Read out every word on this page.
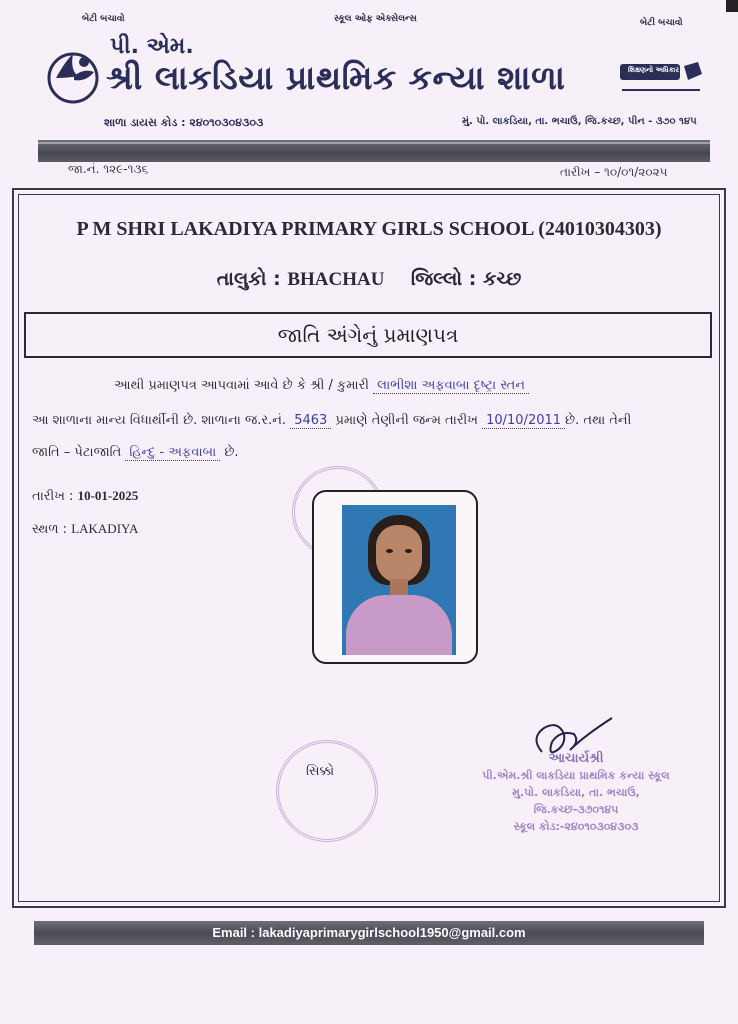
બેટી બચાવો	સ્કૂલ ઓફ એક્સેલન્સ	બેટી બચાવો
પી. એમ.
શ્રી લાકડિયા પ્રાથમિક કન્યા શાળા	શિક્ષણનો અધિકાર
શાળા ડાયસ કોડ : ૨૪૦૧૦૩૦૪૩૦૩	મું. પો. લાકડિયા, તા. ભચાઉ, જિ.કચ્છ, પીન - ૩૭૦ ૧૪૫
જા.નં. ૧૨૯-૧૩૬	તારીખ – ૧૦/૦૧/૨૦૨૫
P M SHRI LAKADIYA PRIMARY GIRLS SCHOOL (24010304303)
તાલુકો : BHACHAU જિલ્લો : કચ્છ
જાતિ અંગેનું પ્રમાણપત્ર
આથી પ્રમાણપત્ર આપવામાં આવે છે કે શ્રી / કુમારી લાભીશા અફવાબા દૃષ્ટ્રા સ્તન
આ શાળાના માન્ય વિધાર્થીની છે. શાળાના જ.ર.નં. 5463 પ્રમાણે તેણીની જન્મ તારીખ 10/10/2011 છે. તથા તેની
જાતિ – પેટાજાતિ હિન્દુ - અફવાબા છે.
તારીખ : 10-01-2025
સ્થળ : LAKADIYA
સિક્કો
આચાર્યશ્રી
પી.એમ.શ્રી લાકડિયા પ્રાથમિક કન્યા સ્કૂલ
મુ.પો. લાકડિયા, તા. ભચાઉ, જિ.કચ્છ-૩૭૦૧૪૫
સ્કૂલ કોડ:-૨૪૦૧૦૩૦૪૩૦૩
Email : lakadiyaprimarygirlschool1950@gmail.com
